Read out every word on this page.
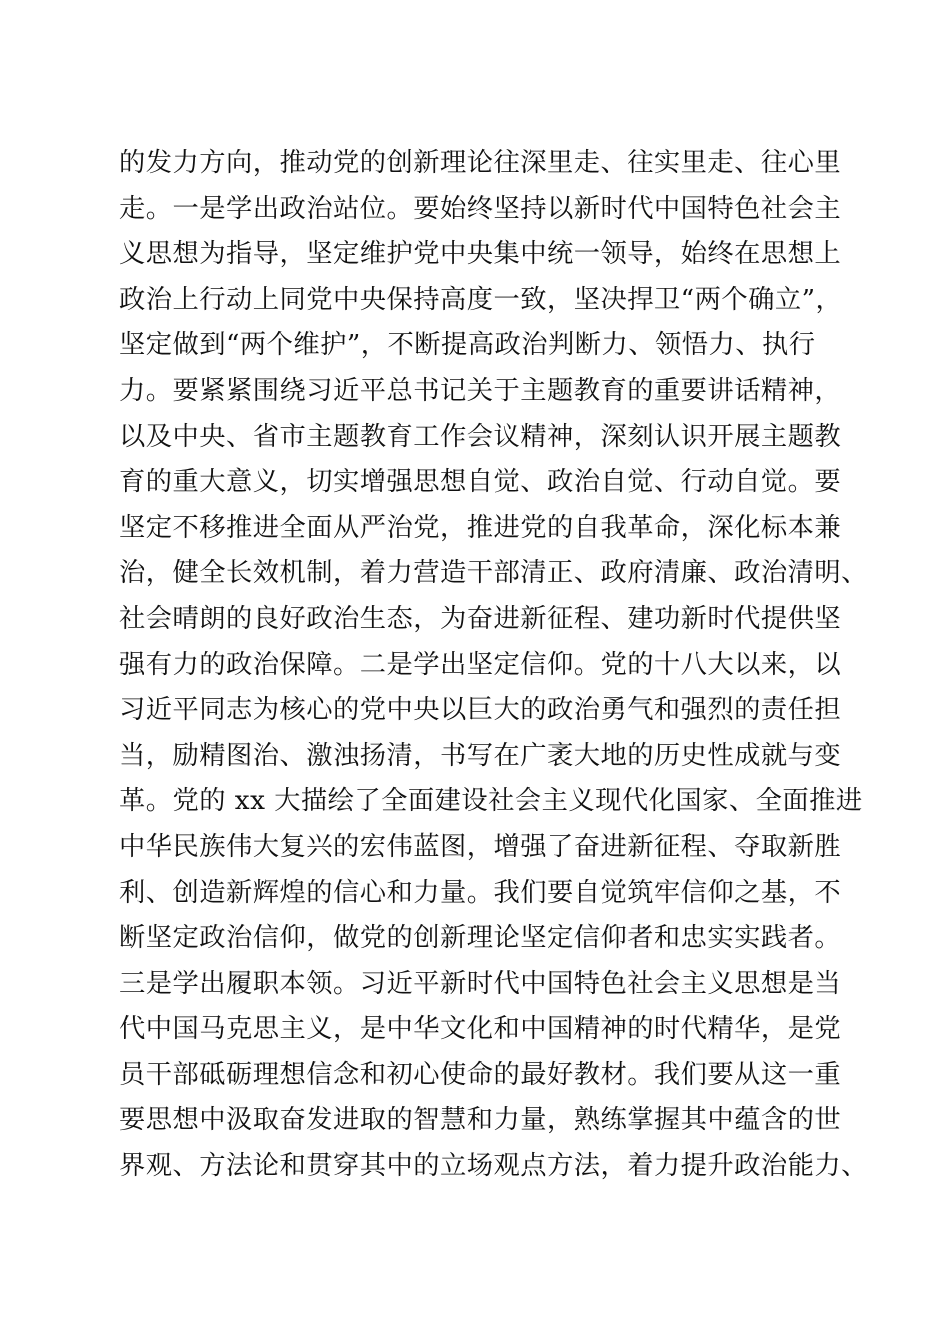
的发力方向，推动党的创新理论往深里走、往实里走、往心里
走。一是学出政治站位。要始终坚持以新时代中国特色社会主
义思想为指导，坚定维护党中央集中统一领导，始终在思想上
政治上行动上同党中央保持高度一致，坚决捍卫“两个确立”，
坚定做到“两个维护”，不断提高政治判断力、领悟力、执行
力。要紧紧围绕习近平总书记关于主题教育的重要讲话精神，
以及中央、省市主题教育工作会议精神，深刻认识开展主题教
育的重大意义，切实增强思想自觉、政治自觉、行动自觉。要
坚定不移推进全面从严治党，推进党的自我革命，深化标本兼
治，健全长效机制，着力营造干部清正、政府清廉、政治清明、
社会晴朗的良好政治生态，为奋进新征程、建功新时代提供坚
强有力的政治保障。二是学出坚定信仰。党的十八大以来，以
习近平同志为核心的党中央以巨大的政治勇气和强烈的责任担
当，励精图治、激浊扬清，书写在广袤大地的历史性成就与变
革。党的 xx 大描绘了全面建设社会主义现代化国家、全面推进
中华民族伟大复兴的宏伟蓝图，增强了奋进新征程、夺取新胜
利、创造新辉煌的信心和力量。我们要自觉筑牢信仰之基，不
断坚定政治信仰，做党的创新理论坚定信仰者和忠实实践者。
三是学出履职本领。习近平新时代中国特色社会主义思想是当
代中国马克思主义，是中华文化和中国精神的时代精华，是党
员干部砥砺理想信念和初心使命的最好教材。我们要从这一重
要思想中汲取奋发进取的智慧和力量，熟练掌握其中蕴含的世
界观、方法论和贯穿其中的立场观点方法，着力提升政治能力、
